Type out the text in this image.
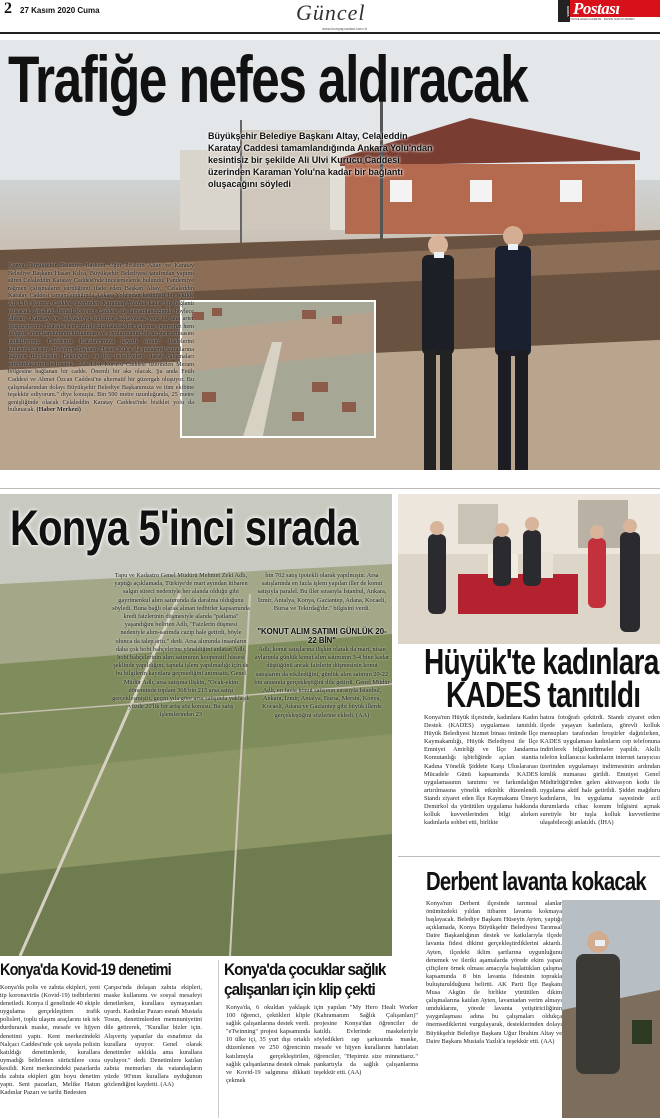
2 27 Kasım 2020 Cuma	Güncel
www.konyapostasi.com.tr
KONYA Postası
YAYINLANAN GAZETE · BASIN İLAN KURUMU
Trafiğe nefes aldıracak
Büyükşehir Belediye Başkanı Altay, Celaleddin Karatay Caddesi tamamlandığında Ankara Yolu'ndan kesintisiz bir şekilde Ali Ulvi Kurucu Caddesi üzerinden Karaman Yolu'na kadar bir bağlantı oluşacağını söyledi
Konya Büyükşehir Belediye Başkanı Uğur İbrahim Altay ve Karatay Belediye Başkanı Hasan Kılca, Büyükşehir Belediyesi tarafından yapımı süren Celaleddin Karatay Caddesi'nde incelemelerde bulundu. Pandemiye rağmen çalışmaların sürdüğünü ifade eden Başkan Altay, "Celaleddin Karatay Caddesi tamamlandığında Ankara Yolu'ndan kesintisiz bir şekilde Ali Ulvi Kurucu Caddesi üzerinden Karaman Yolu'na kadar bir bağlantı oluşacak. İnşallah, İsmail Ketenci Caddesi de tamamlandığında böylece Meram, Karatay ve Selçuklu'yu birbirine bağlayacak yeni bir ana arter oluşturuyoruz. Burada hem trafiği rahatlatacak bir çalışma yapıyoruz hem bölgede imar hareketinin hızlanması ve yapılaşmanın bir an önce artmasını hedefliyoruz. Caddemiz Karatay'ımıza hayırlı olsun." ifadelerini kullandı.Karatay Belediye Başkanı Hasan Kılca da pandemi kurallarına rağmen Büyükşehir Belediyesi ve ilçe belediyeleri olarak çalışmaları sürdürdüklerini belirterek, "Ali Ulvi Kurucu Caddesi üzerinden Meram bölgesine bağlanan bir cadde. Önemli bir aks olacak. Şu anda Fetih Caddesi ve Ahmet Özcan Caddesi'ne alternatif bir güzergah oluşuyor. Bu çalışmalarından dolayı Büyükşehir Belediye Başkanımıza ve tüm ekibine teşekkür ediyorum." diye konuştu. Bin 500 metre uzunluğunda, 25 metre genişliğinde olacak Celaleddin Karatay Caddesi'nde bisiklet yolu da bulunacak. (Haber Merkezi)
Konya 5'inci sırada
Tapu ve Kadastro Genel Müdürü Mehmet Zeki Adlı, yaptığı açıklamada, Türkiye'de mart ayından itibaren salgın süreci nedeniyle her alanda olduğu gibi gayrimenkul alım satımında da daralma olduğunu söyledi. Buna bağlı olarak alınan tedbirler kapsamında kredi faizlerinin düşmesiyle alanda "patlama" yaşandığını belirten Adlı, "Faizlerin düşmesi nedeniyle alım-satımda cazip hale getirdi, böyle olunca da talep arttı." dedi. Arsa alımında insanların daha çok hobi bahçelerine yöneldiğini anlatan Adlı, hobi bahçelerinin alım satımının kooperatif hissesi şeklinde yapıldığını, tapuda işlem yapılmadığı için de bu bilgilerin kayıtlara geçmediğini anımsattı. Genel Müdür Adlı, arsa satışına ilişkin, "Ocak-ekim döneminde toplam 368 bin 215 arsa satışı gerçekleşmiştir, geçen yıla göre arsa satışında yaklaşık yüzde 20'lik bir artış söz konusu. Bu satış işlemlerinden 23
bin 702 satış ipotekli olarak yapılmıştır. Arsa satışlarında en fazla işlem yapılan iller de konut satışıyla paralel. Bu iller sırasıyla İstanbul, Ankara, İzmir, Antalya, Konya, Gaziantep, Adana, Kocaeli, Bursa ve Tekirdağ'dır." bilgisini verdi.
"KONUT ALIM SATIMI GÜNLÜK 20-22 BİN"
Adlı, konut satışlarına ilişkin olarak da mart, nisan aylarında günlük konut alım satımının 3-4 bine kadar düştüğünü ancak faizlerin düşmesinin konut satışlarını da etkilediğini, günlük alım satımın 20-22 bin arasında gerçekleştiğini dile getirdi. Genel Müdür Adlı, en fazla konut satışının sırasıyla İstanbul, Ankara, İzmir, Antalya, Bursa, Mersin, Konya, Kocaeli, Adana ve Gaziantep gibi büyük illerde gerçekleştiğini sözlerine ekledi. (AA)
Hüyük'te kadınlara
KADES tanıtıldı
Konya'nın Hüyük ilçesinde, kadınlara Kadın Destek (KADES) uygulaması tanıtıldı. Hüyük Belediyesi hizmet binası önünde İlçe Kaymakamlığı, Hüyük Belediyesi ile İlçe Emniyet Amirliği ve İlçe Jandarma Komutanlığı işbirliğinde açılan stantta Kadına Yönelik Şiddete Karşı Uluslararası Mücadele Günü kapsamında KADES uygulamasının tanıtımı ve farkındalığın artırılmasına yönelik etkinlik düzenlendi. Standı ziyaret eden İlçe Kaymakamı Ümeyt Demirkol da yürütülen uygulama hakkında kolluk kuvvetlerinden bilgi alırken kadınlarla sohbet etti, birlikte
hatıra fotoğrafı çektirdi. Standı ziyaret eden ilçede yaşayan kadınlara, görevli kolluk mensupları tarafından broşürler dağıtılırken, KADES uygulaması kadınların cep telefonuna indirilerek bilgilendirmeler yapıldı. Akıllı telefon kullanıcısı kadınların internet tarayıcısı üzerinden uygulamayı indirmesinin ardından kimlik numarası girildi. Emniyet Genel Müdürlüğü'nden gelen aktivasyon kodu ile uygulama aktif hale getirildi. Şiddet mağduru kadınların, bu uygulama sayesinde acil durumlarda cihaz konum bilgisini açmak suretiyle bir tuşla kolluk kuvvetlerine ulaşabileceği anlatıldı. (İHA)
Derbent lavanta kokacak
Konya'nın Derbent ilçesinde tarımsal alanlar önümüzdeki yıldan itibaren lavanta kokmaya başlayacak. Belediye Başkanı Hüseyin Ayten, yaptığı açıklamada, Konya Büyükşehir Belediyesi Tarımsal Daire Başkanlığının destek ve katkılarıyla ilçede lavanta fidesi dikimi gerçekleştirdiklerini aktardı. Ayten, ilçedeki iklim şartlarına uygunluğunu denemek ve ileriki aşamalarda yörede ekim yapan çiftçilere örnek olması amacıyla başlattıkları çalışma kapsamında 8 bin lavanta fidesinin toprakla buluşturulduğunu belirtti. AK Parti İlçe Başkanı Musa Akgün ile birlikte yürütülen dikim çalışmalarına katılan Ayten, lavantadan verim almayı umduklarını, yörede lavanta yetiştiriciliğinin yaygınlaşması adına bu çalışmaları oldukça önemsediklerini vurgulayarak, desteklerinden dolayı Büyükşehir Belediye Başkanı Uğur İbrahim Altay ve Daire Başkanı Mustafa Yazlık'a teşekkür etti. (AA)
Konya'da Kovid-19 denetimi
Konya'da polis ve zabıta ekipleri, yeni tip koronavirüs (Kovid-19) tedbirlerini denetledi. Konya il genelinde 40 ekiple uygulama gerçekleştiren trafik polisleri, toplu ulaşım araçlarını tek tek durdurarak maske, mesafe ve hijyen denetimi yaptı. Kent merkezindeki Nalçacı Caddesi'nde çok sayıda polisin katıldığı denetimlerde, kurallara uymadığı belirlenen sürücülere ceza kesildi. Kent merkezindeki pazarlarda da zabıta ekipleri gün boyu denetim yaptı. Sent pazarları, Melike Hatun Kadınlar Pazarı ve tarihi Bedesten
Çarşısı'nda dolaşan zabıta ekipleri, maske kullanımı ve sosyal mesafeyi denetlerken, kurallara uymayanları uyardı. Kadınlar Pazarı esnafı Mustafa Tosun, denetimlerden memnuniyetini dile getirerek, "Kurallar bizler için. Alışveriş yapanlar da esnafımız da kurallara uyuyor. Genel olarak denetimler sıklıkla ama kurallara uyuluyor." dedi. Denetimlere katılan zabıta memurları da vatandaşların yüzde 90'ının kurallara uyduğunun gözlendiğini kaydetti. (AA)
Konya'da çocuklar sağlık çalışanları için klip çekti
Konya'da, 6 okuldan yaklaşık 100 öğrenci, çektikleri kliple sağlık çalışanlarına destek verdi. "eTwinning" projesi kapsamında 10 ülke içi, 35 yurt dışı ortaklı düzenlenen ve 250 öğrencinin katılımıyla gerçekleştirilen, sağlık çalışanlarına destek olmak ve Kovid-19 salgınına dikkati çekmek
için yapılan "My Hero Healt Worker (Kahramanım Sağlık Çalışanları)" projesine Konya'dan öğrenciler de katıldı. Evlerinde maskeleriyle söyledikleri rap şarkısında maske, mesafe ve hijyen kurallarını hatırlatan öğrenciler, "Hepimiz size minnettarız." pankartıyla da sağlık çalışanlarına teşekkür etti. (AA)
